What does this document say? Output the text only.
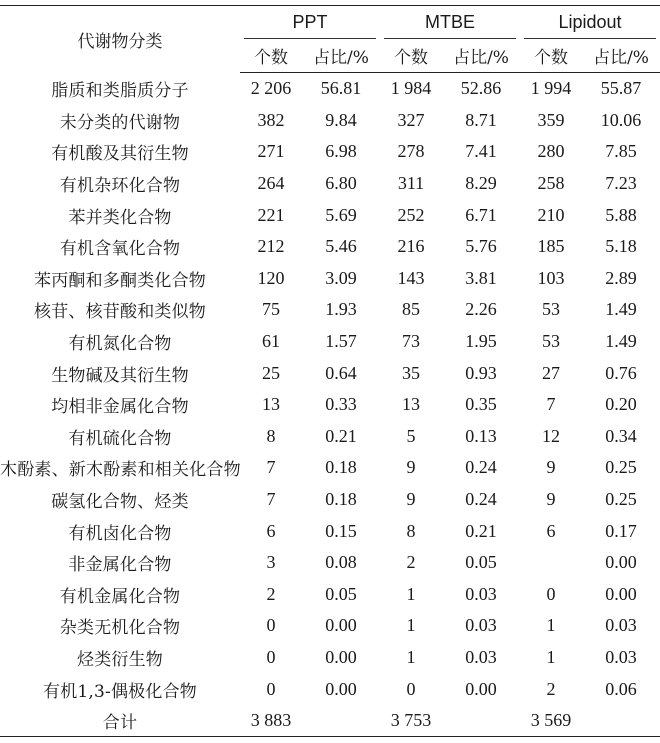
代谢物分类	PPT		MTBE		Lipidout	

	个数	占比/%	个数	占比/%	个数	占比/%
脂质和类脂质分子	2 206	56.81	1 984	52.86	1 994	55.87
未分类的代谢物	382	9.84	327	8.71	359	10.06
有机酸及其衍生物	271	6.98	278	7.41	280	7.85
有机杂环化合物	264	6.80	311	8.29	258	7.23
苯并类化合物	221	5.69	252	6.71	210	5.88
有机含氧化合物	212	5.46	216	5.76	185	5.18
苯丙酮和多酮类化合物	120	3.09	143	3.81	103	2.89
核苷、核苷酸和类似物	75	1.93	85	2.26	53	1.49
有机氮化合物	61	1.57	73	1.95	53	1.49
生物碱及其衍生物	25	0.64	35	0.93	27	0.76
均相非金属化合物	13	0.33	13	0.35	7	0.20
有机硫化合物	8	0.21	5	0.13	12	0.34
木酚素、新木酚素和相关化合物	7	0.18	9	0.24	9	0.25
碳氢化合物、烃类	7	0.18	9	0.24	9	0.25
有机卤化合物	6	0.15	8	0.21	6	0.17
非金属化合物	3	0.08	2	0.05		0.00
有机金属化合物	2	0.05	1	0.03	0	0.00
杂类无机化合物	0	0.00	1	0.03	1	0.03
烃类衍生物	0	0.00	1	0.03	1	0.03
有机1,3-偶极化合物	0	0.00	0	0.00	2	0.06
合计	3 883		3 753		3 569	
